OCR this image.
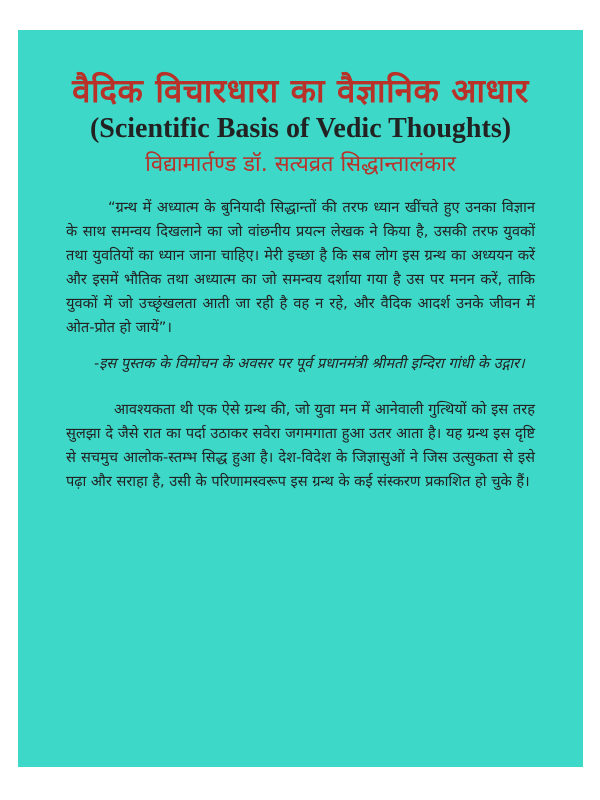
वैदिक विचारधारा का वैज्ञानिक आधार
(Scientific Basis of Vedic Thoughts)
विद्यामार्तण्ड डॉ. सत्यव्रत सिद्धान्तालंकार

“ग्रन्थ में अध्यात्म के बुनियादी सिद्धान्तों की तरफ ध्यान खींचते हुए उनका विज्ञान के साथ समन्वय दिखलाने का जो वांछनीय प्रयत्न लेखक ने किया है, उसकी तरफ युवकों तथा युवतियों का ध्यान जाना चाहिए। मेरी इच्छा है कि सब लोग इस ग्रन्थ का अध्ययन करें और इसमें भौतिक तथा अध्यात्म का जो समन्वय दर्शाया गया है उस पर मनन करें, ताकि युवकों में जो उच्छृंखलता आती जा रही है वह न रहे, और वैदिक आदर्श उनके जीवन में ओत-प्रोत हो जायें”।

-इस पुस्तक के विमोचन के अवसर पर पूर्व प्रधानमंत्री श्रीमती इन्दिरा गांधी के उद्गार।

आवश्यकता थी एक ऐसे ग्रन्थ की, जो युवा मन में आनेवाली गुत्थियों को इस तरह सुलझा दे जैसे रात का पर्दा उठाकर सवेरा जगमगाता हुआ उतर आता है। यह ग्रन्थ इस दृष्टि से सचमुच आलोक-स्तम्भ सिद्ध हुआ है। देश-विदेश के जिज्ञासुओं ने जिस उत्सुकता से इसे पढ़ा और सराहा है, उसी के परिणामस्वरूप इस ग्रन्थ के कई संस्करण प्रकाशित हो चुके हैं।
